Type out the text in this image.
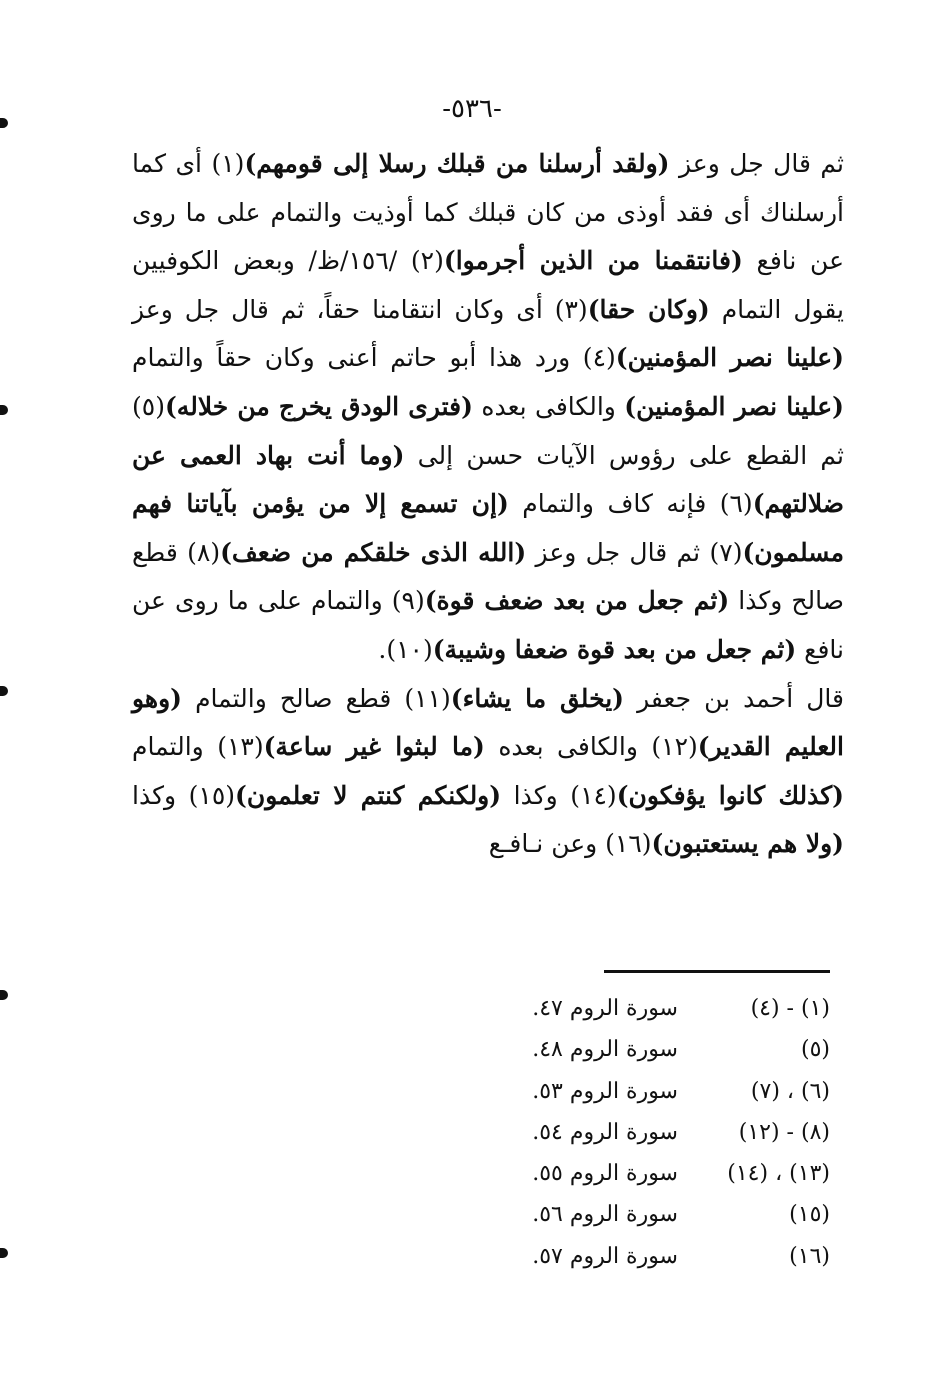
-٥٣٦-

ثم قال جل وعز (ولقد أرسلنا من قبلك رسلا إلى قومهم)(١) أى كما أرسلناك أى فقد أوذى من كان قبلك كما أوذيت والتمام على ما روى عن نافع (فانتقمنا من الذين أجرموا)(٢) /١٥٦/ظ/ وبعض الكوفيين يقول التمام (وكان حقا)(٣) أى وكان انتقامنا حقاً، ثم قال جل وعز (علينا نصر المؤمنين)(٤) ورد هذا أبو حاتم أعنى وكان حقاً والتمام (علينا نصر المؤمنين) والكافى بعده (فترى الودق يخرج من خلاله)(٥) ثم القطع على رؤوس الآيات حسن إلى (وما أنت بهاد العمى عن ضلالتهم)(٦) فإنه كاف والتمام (إن تسمع إلا من يؤمن بآياتنا فهم مسلمون)(٧) ثم قال جل وعز (الله الذى خلقكم من ضعف)(٨) قطع صالح وكذا (ثم جعل من بعد ضعف قوة)(٩) والتمام على ما روى عن نافع (ثم جعل من بعد قوة ضعفا وشيبة)(١٠).

قال أحمد بن جعفر (يخلق ما يشاء)(١١) قطع صالح والتمام (وهو العليم القدير)(١٢) والكافى بعده (ما لبثوا غير ساعة)(١٣) والتمام (كذلك كانوا يؤفكون)(١٤) وكذا (ولكنكم كنتم لا تعلمون)(١٥) وكذا (ولا هم يستعتبون)(١٦) وعن نـافـع

(١) - (٤)
سورة الروم ٤٧.
(٥)
سورة الروم ٤٨.
(٦) ، (٧)
سورة الروم ٥٣.
(٨) - (١٢)
سورة الروم ٥٤.
(١٣) ، (١٤)
سورة الروم ٥٥.
(١٥)
سورة الروم ٥٦.
(١٦)
سورة الروم ٥٧.
